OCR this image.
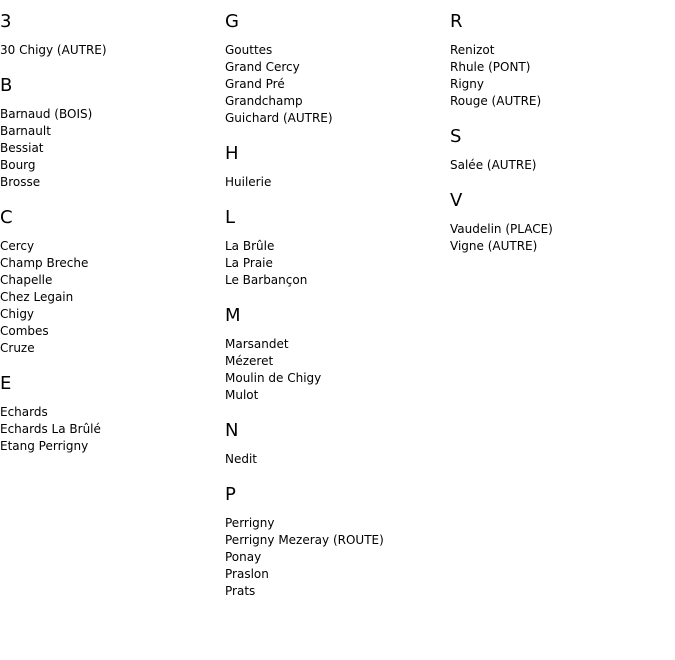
3
30 Chigy (AUTRE)
B
Barnaud (BOIS)
Barnault
Bessiat
Bourg
Brosse
C
Cercy
Champ Breche
Chapelle
Chez Legain
Chigy
Combes
Cruze
E
Echards
Echards La Brûlé
Etang Perrigny
G
Gouttes
Grand Cercy
Grand Pré
Grandchamp
Guichard (AUTRE)
H
Huilerie
L
La Brûle
La Praie
Le Barbançon
M
Marsandet
Mézeret
Moulin de Chigy
Mulot
N
Nedit
P
Perrigny
Perrigny Mezeray (ROUTE)
Ponay
Praslon
Prats
R
Renizot
Rhule (PONT)
Rigny
Rouge (AUTRE)
S
Salée (AUTRE)
V
Vaudelin (PLACE)
Vigne (AUTRE)
